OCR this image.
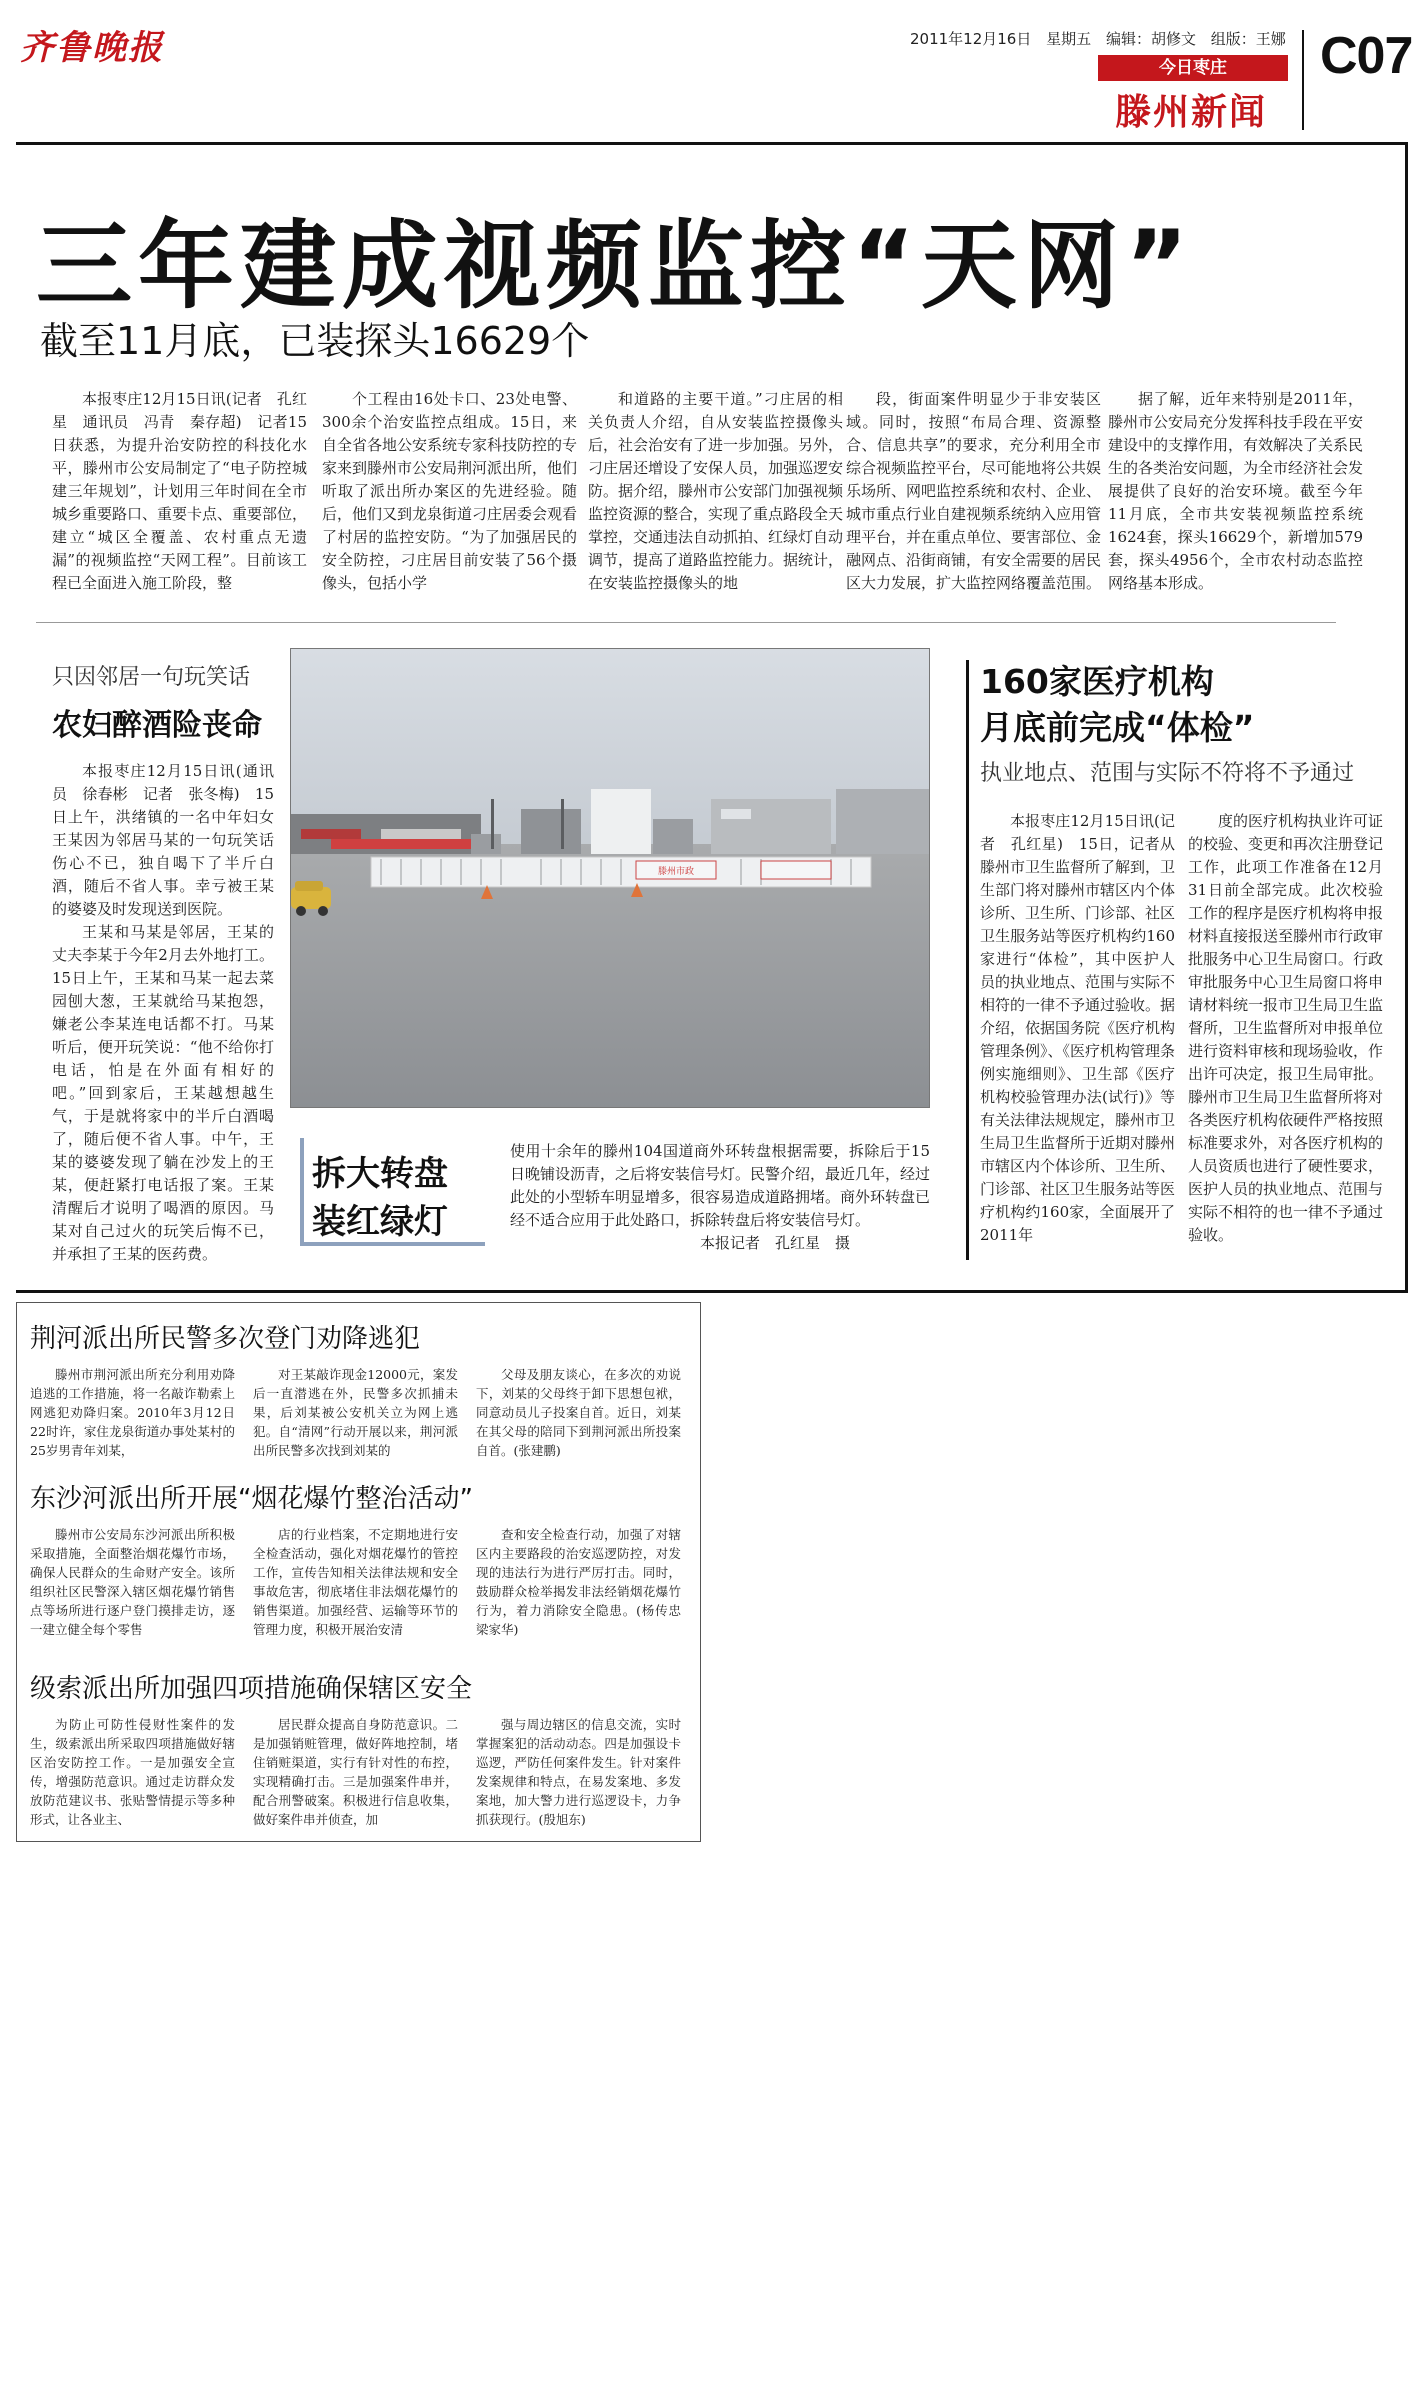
齐鲁晚报	2011年12月16日 星期五 编辑：胡修文 组版：王娜
今日枣庄
滕州新闻
C07
三年建成视频监控“天网”
截至11月底，已装探头16629个

本报枣庄12月15日讯(记者　孔红星　通讯员　冯青　秦存超)　记者15日获悉，为提升治安防控的科技化水平，滕州市公安局制定了“电子防控城建三年规划”，计划用三年时间在全市城乡重要路口、重要卡点、重要部位，建立“城区全覆盖、农村重点无遗漏”的视频监控“天网工程”。目前该工程已全面进入施工阶段，整

个工程由16处卡口、23处电警、300余个治安监控点组成。15日，来自全省各地公安系统专家科技防控的专家来到滕州市公安局荆河派出所，他们听取了派出所办案区的先进经验。随后，他们又到龙泉街道刁庄居委会观看了村居的监控安防。“为了加强居民的安全防控，刁庄居目前安装了56个摄像头，包括小学

和道路的主要干道。”刁庄居的相关负责人介绍，自从安装监控摄像头后，社会治安有了进一步加强。另外，刁庄居还增设了安保人员，加强巡逻安防。据介绍，滕州市公安部门加强视频监控资源的整合，实现了重点路段全天掌控，交通违法自动抓拍、红绿灯自动调节，提高了道路监控能力。据统计，在安装监控摄像头的地

段，街面案件明显少于非安装区域。同时，按照“布局合理、资源整合、信息共享”的要求，充分利用全市综合视频监控平台，尽可能地将公共娱乐场所、网吧监控系统和农村、企业、城市重点行业自建视频系统纳入应用管理平台，并在重点单位、要害部位、金融网点、沿街商铺，有安全需要的居民区大力发展，扩大监控网络覆盖范围。

据了解，近年来特别是2011年，滕州市公安局充分发挥科技手段在平安建设中的支撑作用，有效解决了关系民生的各类治安问题，为全市经济社会发展提供了良好的治安环境。截至今年11月底，全市共安装视频监控系统1624套，探头16629个，新增加579套，探头4956个，全市农村动态监控网络基本形成。

只因邻居一句玩笑话
农妇醉酒险丧命

本报枣庄12月15日讯(通讯员　徐春彬　记者　张冬梅)　15日上午，洪绪镇的一名中年妇女王某因为邻居马某的一句玩笑话伤心不已，独自喝下了半斤白酒，随后不省人事。幸亏被王某的婆婆及时发现送到医院。

王某和马某是邻居，王某的丈夫李某于今年2月去外地打工。15日上午，王某和马某一起去菜园刨大葱，王某就给马某抱怨，嫌老公李某连电话都不打。马某听后，便开玩笑说：“他不给你打电话，怕是在外面有相好的吧。”回到家后，王某越想越生气，于是就将家中的半斤白酒喝了，随后便不省人事。中午，王某的婆婆发现了躺在沙发上的王某，便赶紧打电话报了案。王某清醒后才说明了喝酒的原因。马某对自己过火的玩笑后悔不已，并承担了王某的医药费。

滕州市政
拆大转盘
装红绿灯
使用十余年的滕州104国道商外环转盘根据需要，拆除后于15日晚铺设沥青，之后将安装信号灯。民警介绍，最近几年，经过此处的小型轿车明显增多，很容易造成道路拥堵。商外环转盘已经不适合应用于此处路口，拆除转盘后将安装信号灯。
本报记者　孔红星　摄
160家医疗机构
月底前完成“体检”
执业地点、范围与实际不符将不予通过

本报枣庄12月15日讯(记者　孔红星)　15日，记者从滕州市卫生监督所了解到，卫生部门将对滕州市辖区内个体诊所、卫生所、门诊部、社区卫生服务站等医疗机构约160家进行“体检”，其中医护人员的执业地点、范围与实际不相符的一律不予通过验收。据介绍，依据国务院《医疗机构管理条例》、《医疗机构管理条例实施细则》、卫生部《医疗机构校验管理办法(试行)》等有关法律法规规定，滕州市卫生局卫生监督所于近期对滕州市辖区内个体诊所、卫生所、门诊部、社区卫生服务站等医疗机构约160家，全面展开了2011年

度的医疗机构执业许可证的校验、变更和再次注册登记工作，此项工作准备在12月31日前全部完成。此次校验工作的程序是医疗机构将申报材料直接报送至滕州市行政审批服务中心卫生局窗口。行政审批服务中心卫生局窗口将申请材料统一报市卫生局卫生监督所，卫生监督所对申报单位进行资料审核和现场验收，作出许可决定，报卫生局审批。滕州市卫生局卫生监督所将对各类医疗机构依硬件严格按照标准要求外，对各医疗机构的人员资质也进行了硬性要求，医护人员的执业地点、范围与实际不相符的也一律不予通过验收。

荆河派出所民警多次登门劝降逃犯

滕州市荆河派出所充分利用劝降追逃的工作措施，将一名敲诈勒索上网逃犯劝降归案。2010年3月12日22时许，家住龙泉街道办事处某村的25岁男青年刘某，

对王某敲诈现金12000元，案发后一直潜逃在外，民警多次抓捕未果，后刘某被公安机关立为网上逃犯。自“清网”行动开展以来，荆河派出所民警多次找到刘某的

父母及朋友谈心，在多次的劝说下，刘某的父母终于卸下思想包袱，同意动员儿子投案自首。近日，刘某在其父母的陪同下到荆河派出所投案自首。(张建鹏)

东沙河派出所开展“烟花爆竹整治活动”

滕州市公安局东沙河派出所积极采取措施，全面整治烟花爆竹市场，确保人民群众的生命财产安全。该所组织社区民警深入辖区烟花爆竹销售点等场所进行逐户登门摸排走访，逐一建立健全每个零售

店的行业档案，不定期地进行安全检查活动，强化对烟花爆竹的管控工作，宣传告知相关法律法规和安全事故危害，彻底堵住非法烟花爆竹的销售渠道。加强经营、运输等环节的管理力度，积极开展治安清

查和安全检查行动，加强了对辖区内主要路段的治安巡逻防控，对发现的违法行为进行严厉打击。同时，鼓励群众检举揭发非法经销烟花爆竹行为，着力消除安全隐患。(杨传忠　梁家华)

级索派出所加强四项措施确保辖区安全

为防止可防性侵财性案件的发生，级索派出所采取四项措施做好辖区治安防控工作。一是加强安全宣传，增强防范意识。通过走访群众发放防范建议书、张贴警情提示等多种形式，让各业主、

居民群众提高自身防范意识。二是加强销赃管理，做好阵地控制，堵住销赃渠道，实行有针对性的布控，实现精确打击。三是加强案件串并，配合刑警破案。积极进行信息收集，做好案件串并侦查，加

强与周边辖区的信息交流，实时掌握案犯的活动动态。四是加强设卡巡逻，严防任何案件发生。针对案件发案规律和特点，在易发案地、多发案地，加大警力进行巡逻设卡，力争抓获现行。(殷旭东)
